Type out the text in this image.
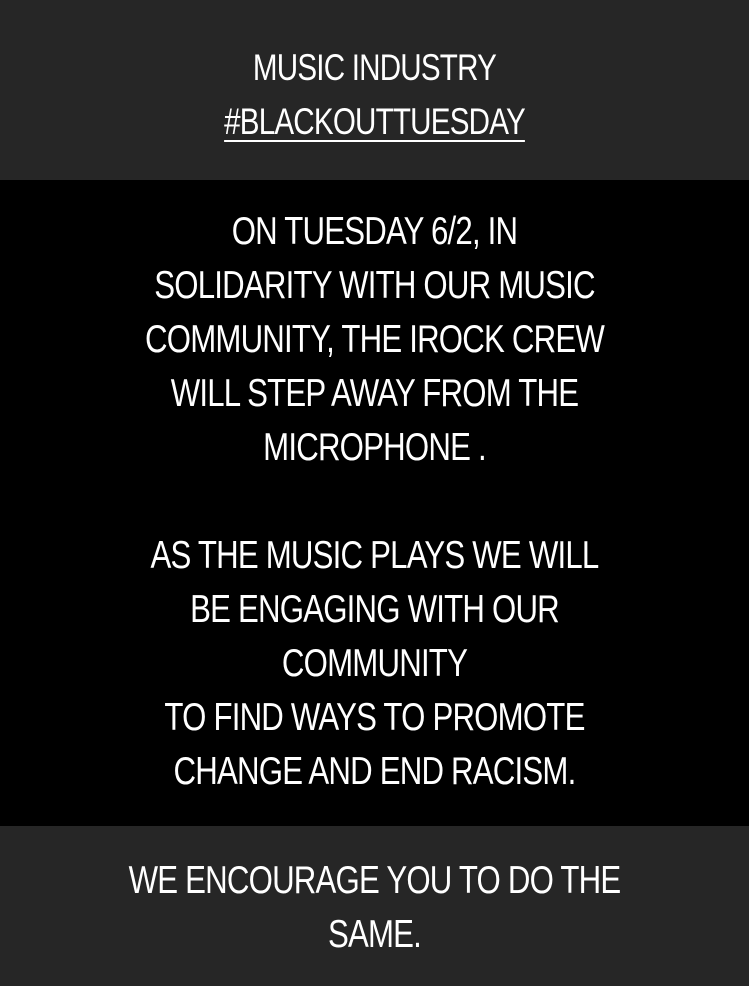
MUSIC INDUSTRY
#BLACKOUTTUESDAY
ON TUESDAY 6/2, IN
SOLIDARITY WITH OUR MUSIC
COMMUNITY, THE IROCK CREW
WILL STEP AWAY FROM THE
MICROPHONE .
AS THE MUSIC PLAYS WE WILL
BE ENGAGING WITH OUR
COMMUNITY
TO FIND WAYS TO PROMOTE
CHANGE AND END RACISM.
WE ENCOURAGE YOU TO DO THE
SAME.
